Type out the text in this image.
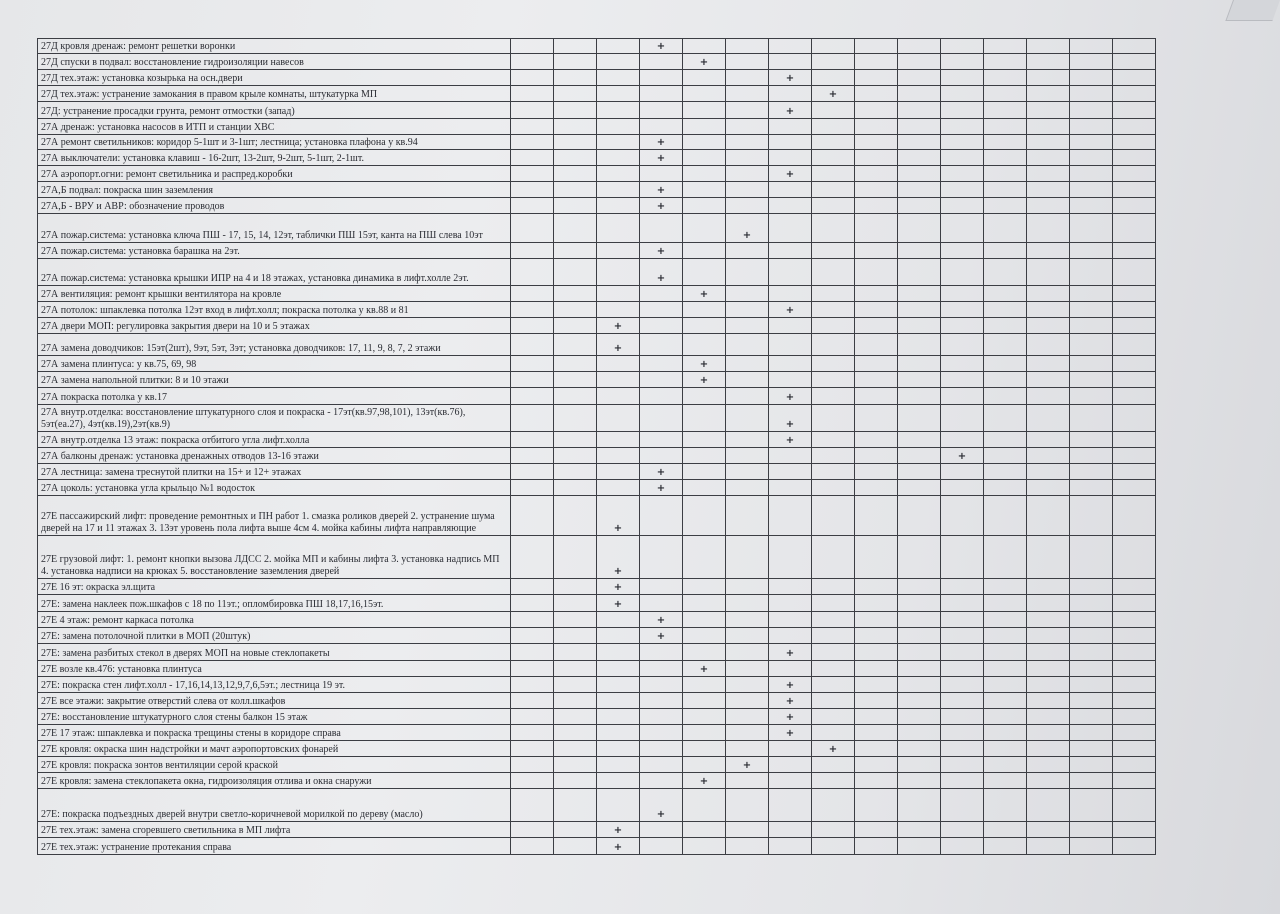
27Д кровля дренаж: ремонт решетки воронки				+											

27Д спуски в подвал: восстановление гидроизоляции навесов					+										

27Д тех.этаж: установка козырька на осн.двери							+								

27Д тех.этаж: устранение замокания в правом крыле комнаты, штукатурка МП								+							

27Д: устранение просадки грунта, ремонт отмостки (запад)							+								

27А дренаж: установка насосов в ИТП и станции ХВС															

27А ремонт светильников: коридор 5-1шт и 3-1шт; лестница; установка плафона у кв.94				+											

27А выключатели: установка клавиш - 16-2шт, 13-2шт, 9-2шт, 5-1шт, 2-1шт.				+											

27А аэропорт.огни: ремонт светильника и распред.коробки							+								

27А,Б подвал: покраска шин заземления				+											

27А,Б - ВРУ и АВР: обозначение проводов				+											

27А пожар.система: установка ключа ПШ - 17, 15, 14, 12эт, таблички ПШ 15эт, канта на ПШ слева 10эт						+									

27А пожар.система: установка барашка на 2эт.				+											

27А пожар.система: установка крышки ИПР на 4 и 18 этажах, установка динамика в лифт.холле 2эт.				+											

27А вентиляция: ремонт крышки вентилятора на кровле					+										

27А потолок: шпаклевка потолка 12эт вход в лифт.холл; покраска потолка у кв.88 и 81							+								

27А двери МОП: регулировка закрытия двери на 10 и 5 этажах			+												

27А замена доводчиков: 15эт(2шт), 9эт, 5эт, 3эт; установка доводчиков: 17, 11, 9, 8, 7, 2 этажи			+												

27А замена плинтуса: у кв.75, 69, 98					+										

27А замена напольной плитки: 8 и 10 этажи					+										

27А покраска потолка у кв.17							+								

27А внутр.отделка: восстановление штукатурного слоя и покраска - 17эт(кв.97,98,101), 13эт(кв.76), 5эт(еа.27), 4эт(кв.19),2эт(кв.9)							+								

27А внутр.отделка 13 этаж: покраска отбитого угла лифт.холла							+								

27А балконы дренаж: установка дренажных отводов 13-16 этажи											+				

27А лестница: замена треснутой плитки на 15+ и 12+ этажах				+											

27А цоколь: установка угла крыльцо №1 водосток				+											

27Е пассажирский лифт: проведение ремонтных и ПН работ 1. смазка роликов дверей 2. устранение шума дверей на 17 и 11 этажах 3. 13эт уровень пола лифта выше 4см 4. мойка кабины лифта направляющие			+												

27Е грузовой лифт: 1. ремонт кнопки вызова ЛДСС 2. мойка МП и кабины лифта 3. установка надпись МП 4. установка надписи на крюках 5. восстановление заземления дверей			+												

27Е 16 эт: окраска эл.щита			+												

27Е: замена наклеек пож.шкафов с 18 по 11эт.; опломбировка ПШ 18,17,16,15эт.			+												

27Е 4 этаж: ремонт каркаса потолка				+											

27Е: замена потолочной плитки в МОП (20штук)				+											

27Е: замена разбитых стекол в дверях МОП на новые стеклопакеты							+								

27Е возле кв.476: установка плинтуса					+										

27Е: покраска стен лифт.холл - 17,16,14,13,12,9,7,6,5эт.; лестница 19 эт.							+								

27Е все этажи: закрытие отверстий слева от колл.шкафов							+								

27Е: восстановление штукатурного слоя стены балкон 15 этаж							+								

27Е 17 этаж: шпаклевка и покраска трещины стены в коридоре справа							+								

27Е кровля: окраска шин надстройки и мачт аэропортовских фонарей								+							

27Е кровля: покраска зонтов вентиляции серой краской						+									

27Е кровля: замена стеклопакета окна, гидроизоляция отлива и окна снаружи					+										

27Е: покраска подъездных дверей внутри светло-коричневой морилкой по дереву (масло)				+											

27Е тех.этаж: замена сгоревшего светильника в МП лифта			+												

27Е тех.этаж: устранение протекания справа			+												
